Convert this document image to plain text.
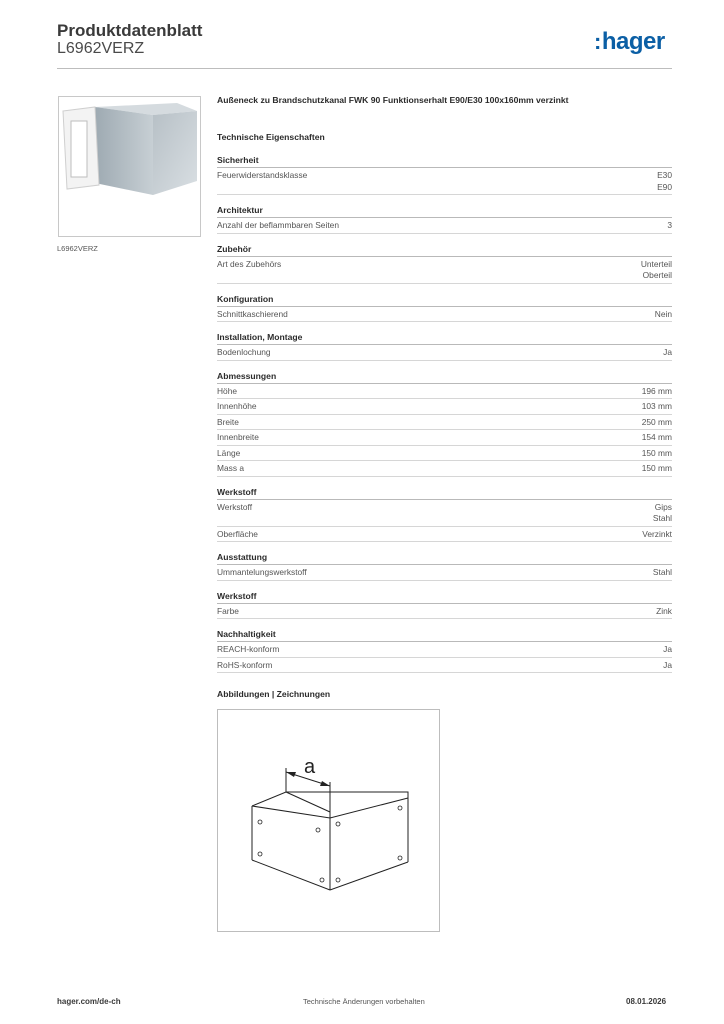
Produktdatenblatt
L6962VERZ	:hager
L6962VERZ
Außeneck zu Brandschutzkanal FWK 90 Funktionserhalt E90/E30 100x160mm verzinkt
Technische Eigenschaften
Sicherheit
Feuerwiderstandsklasse	E30
E90
Architektur
Anzahl der beflammbaren Seiten	3
Zubehör
Art des Zubehörs	Unterteil
Oberteil
Konfiguration
Schnittkaschierend	Nein
Installation, Montage
Bodenlochung	Ja
Abmessungen
Höhe	196 mm
Innenhöhe	103 mm
Breite	250 mm
Innenbreite	154 mm
Länge	150 mm
Mass a	150 mm
Werkstoff
Werkstoff	Gips
Stahl
Oberfläche	Verzinkt
Ausstattung
Ummantelungswerkstoff	Stahl
Werkstoff
Farbe	Zink
Nachhaltigkeit
REACH-konform	Ja
RoHS-konform	Ja
Abbildungen | Zeichnungen
a
hager.com/de-ch	Technische Änderungen vorbehalten	08.01.2026
